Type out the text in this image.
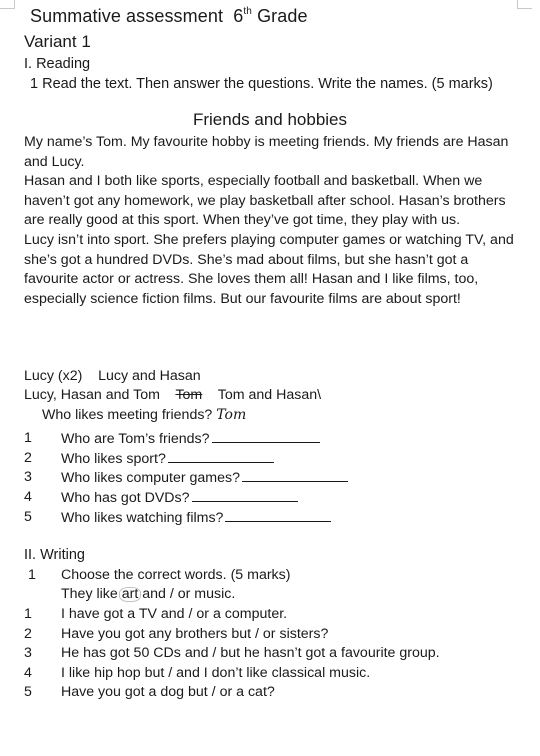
Summative assessment 6th Grade
Variant 1
I. Reading
1 Read the text. Then answer the questions. Write the names. (5 marks)
Friends and hobbies

My name’s Tom. My favourite hobby is meeting friends. My friends are Hasan and Lucy.

Hasan and I both like sports, especially football and basketball. When we haven’t got any homework, we play basketball after school. Hasan’s brothers are really good at this sport. When they’ve got time, they play with us.

Lucy isn’t into sport. She prefers playing computer games or watching TV, and she’s got a hundred DVDs. She’s mad about films, but she hasn’t got a favourite actor or actress. She loves them all! Hasan and I like films, too, especially science fiction films. But our favourite films are about sport!

Lucy (x2) Lucy and Hasan
Lucy, Hasan and Tom Tom Tom and Hasan\
Who likes meeting friends? Tom
1 Who are Tom’s friends?
2 Who likes sport?
3 Who likes computer games?
4 Who has got DVDs?
5 Who likes watching films?
II. Writing
1 Choose the correct words. (5 marks)
They like art and / or music.
1 I have got a TV and / or a computer.
2 Have you got any brothers but / or sisters?
3 He has got 50 CDs and / but he hasn’t got a favourite group.
4 I like hip hop but / and I don’t like classical music.
5 Have you got a dog but / or a cat?
